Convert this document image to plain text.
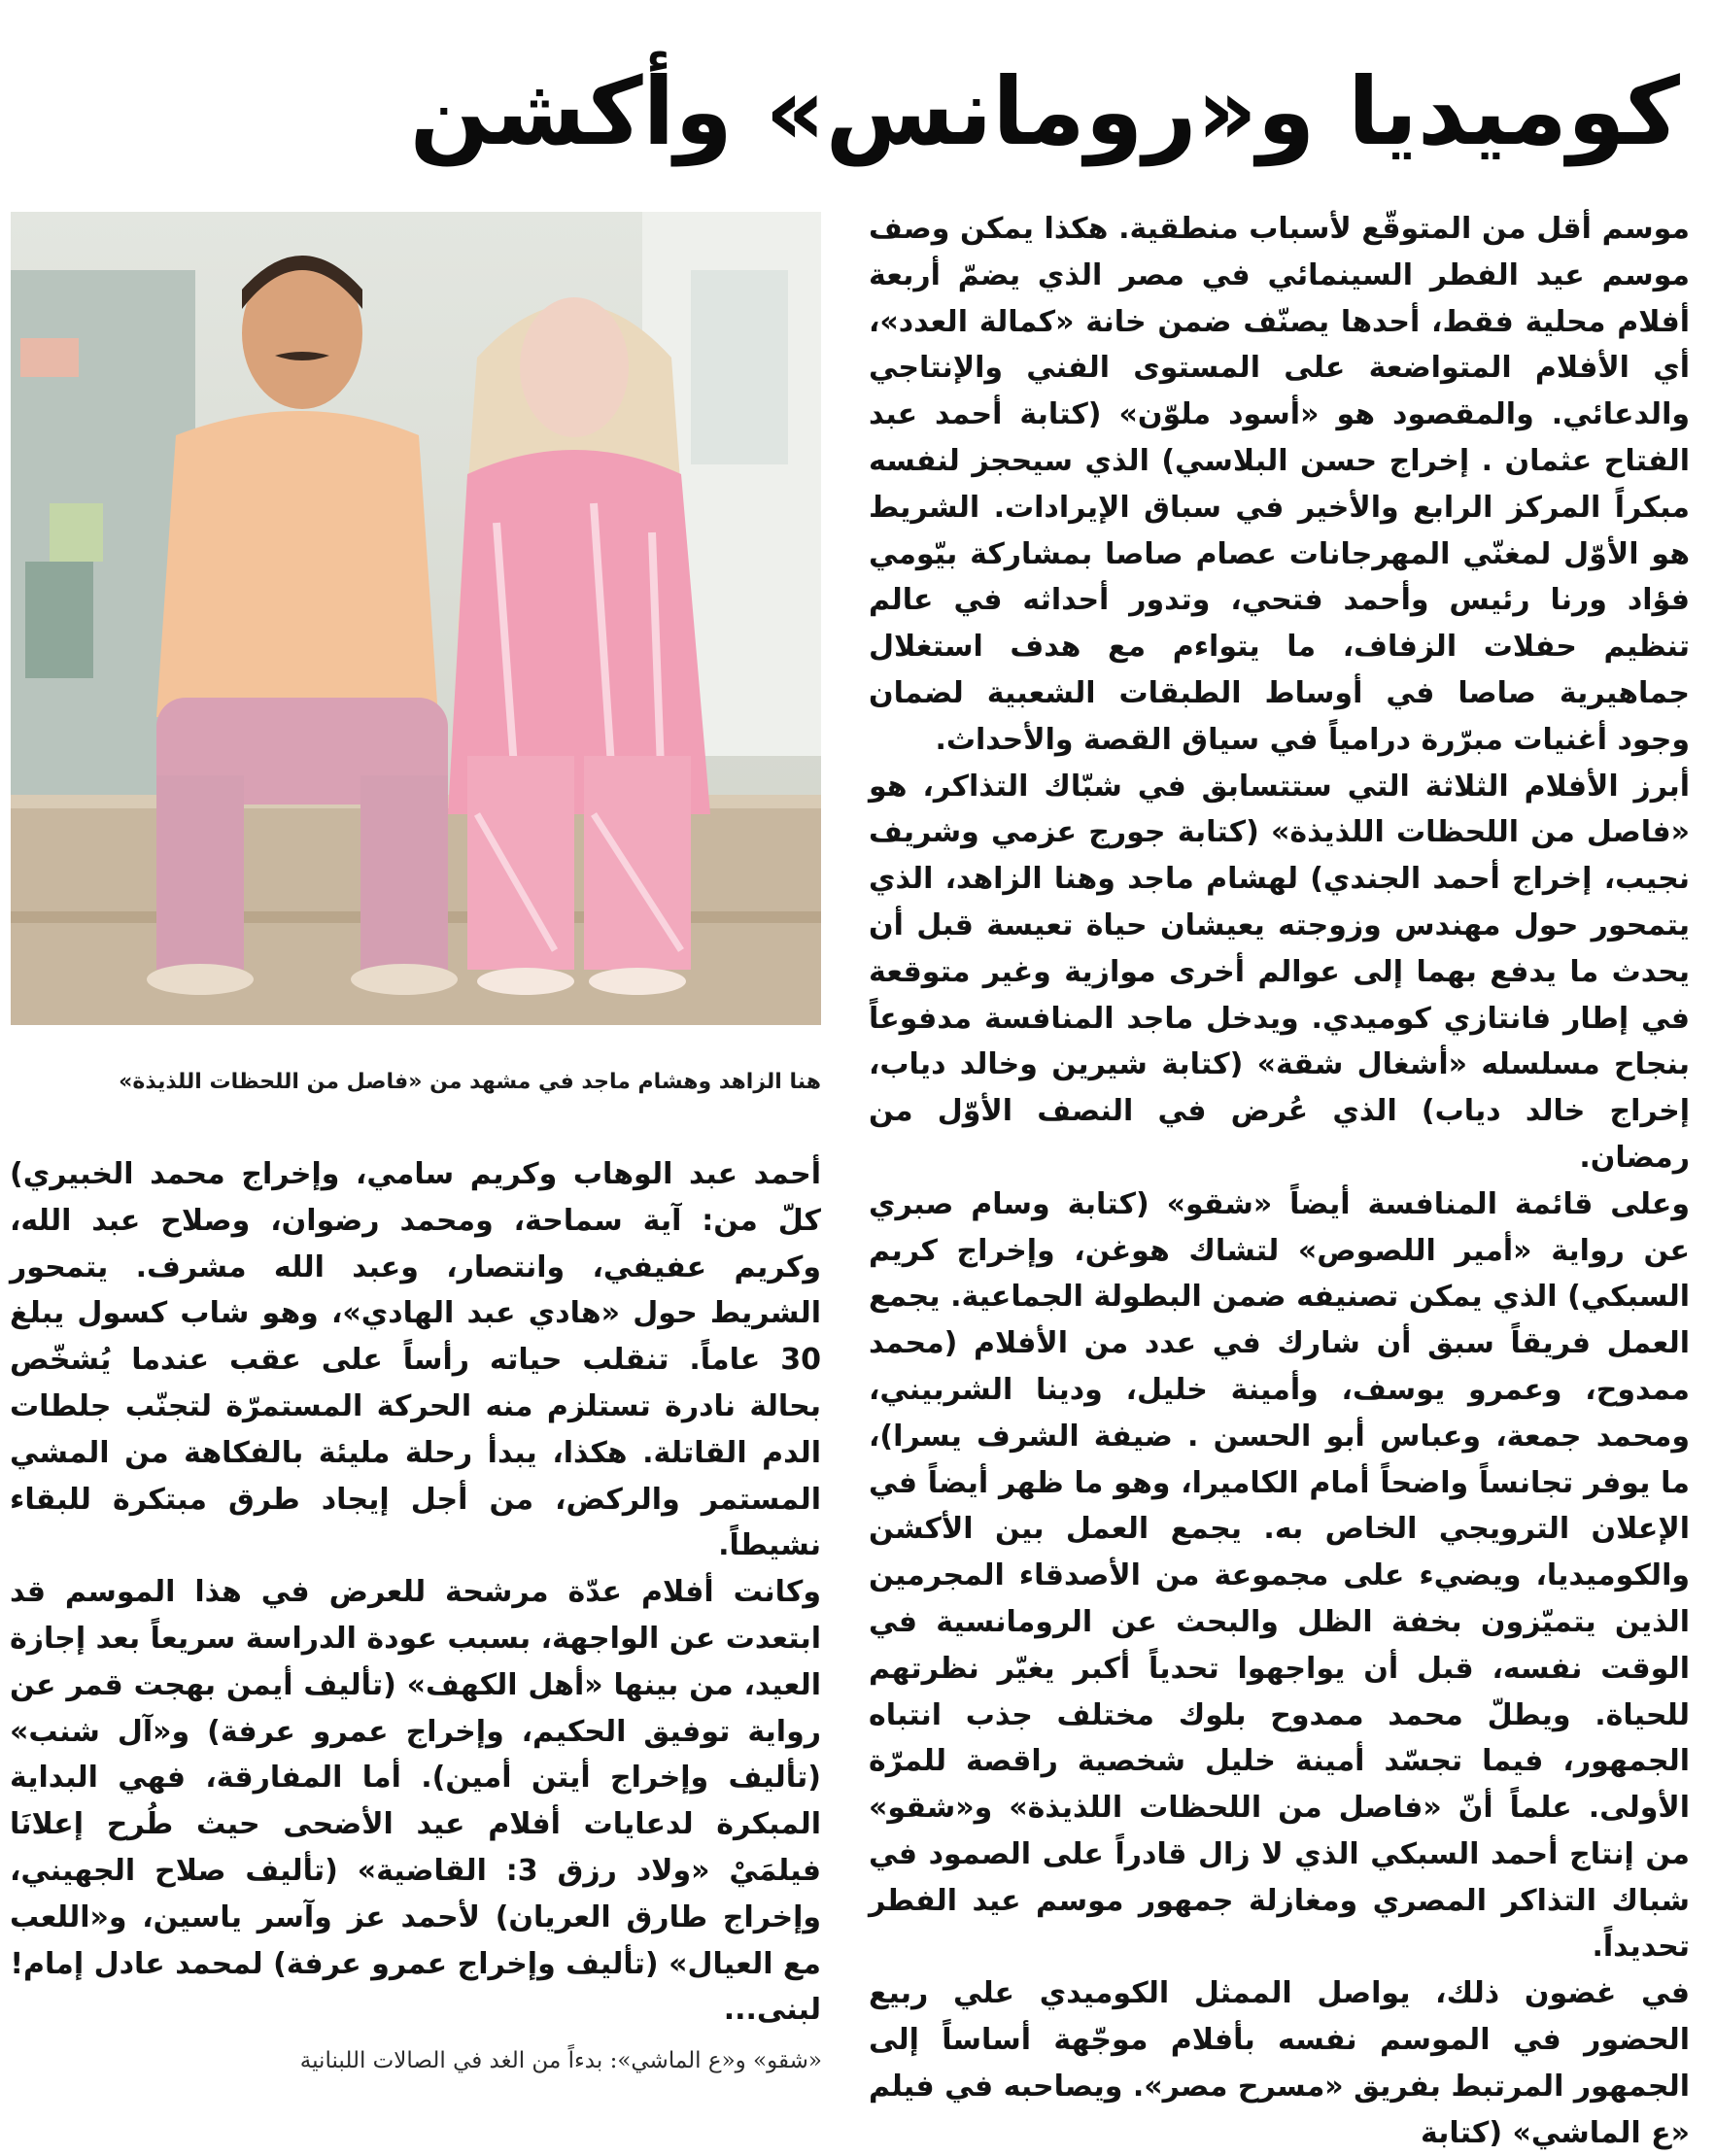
كوميديا و«رومانس» وأكشن

موسم أقل من المتوقّع لأسباب منطقية. هكذا يمكن وصف موسم عيد الفطر السينمائي في مصر الذي يضمّ أربعة أفلام محلية فقط، أحدها يصنّف ضمن خانة «كمالة العدد»، أي الأفلام المتواضعة على المستوى الفني والإنتاجي والدعائي. والمقصود هو «أسود ملوّن» (كتابة أحمد عبد الفتاح عثمان . إخراج حسن البلاسي) الذي سيحجز لنفسه مبكراً المركز الرابع والأخير في سباق الإيرادات. الشريط هو الأوّل لمغنّي المهرجانات عصام صاصا بمشاركة بيّومي فؤاد ورنا رئيس وأحمد فتحي، وتدور أحداثه في عالم تنظيم حفلات الزفاف، ما يتواءم مع هدف استغلال جماهيرية صاصا في أوساط الطبقات الشعبية لضمان وجود أغنيات مبرّرة درامياً في سياق القصة والأحداث.

أبرز الأفلام الثلاثة التي ستتسابق في شبّاك التذاكر، هو «فاصل من اللحظات اللذيذة» (كتابة جورج عزمي وشريف نجيب، إخراج أحمد الجندي) لهشام ماجد وهنا الزاهد، الذي يتمحور حول مهندس وزوجته يعيشان حياة تعيسة قبل أن يحدث ما يدفع بهما إلى عوالم أخرى موازية وغير متوقعة في إطار فانتازي كوميدي. ويدخل ماجد المنافسة مدفوعاً بنجاح مسلسله «أشغال شقة» (كتابة شيرين وخالد دياب، إخراج خالد دياب) الذي عُرض في النصف الأوّل من رمضان.

وعلى قائمة المنافسة أيضاً «شقو» (كتابة وسام صبري عن رواية «أمير اللصوص» لتشاك هوغن، وإخراج كريم السبكي) الذي يمكن تصنيفه ضمن البطولة الجماعية. يجمع العمل فريقاً سبق أن شارك في عدد من الأفلام (محمد ممدوح، وعمرو يوسف، وأمينة خليل، ودينا الشربيني، ومحمد جمعة، وعباس أبو الحسن . ضيفة الشرف يسرا)، ما يوفر تجانساً واضحاً أمام الكاميرا، وهو ما ظهر أيضاً في الإعلان الترويجي الخاص به. يجمع العمل بين الأكشن والكوميديا، ويضيء على مجموعة من الأصدقاء المجرمين الذين يتميّزون بخفة الظل والبحث عن الرومانسية في الوقت نفسه، قبل أن يواجهوا تحدياً أكبر يغيّر نظرتهم للحياة. ويطلّ محمد ممدوح بلوك مختلف جذب انتباه الجمهور، فيما تجسّد أمينة خليل شخصية راقصة للمرّة الأولى. علماً أنّ «فاصل من اللحظات اللذيذة» و«شقو» من إنتاج أحمد السبكي الذي لا زال قادراً على الصمود في شباك التذاكر المصري ومغازلة جمهور موسم عيد الفطر تحديداً.

في غضون ذلك، يواصل الممثل الكوميدي علي ربيع الحضور في الموسم نفسه بأفلام موجّهة أساساً إلى الجمهور المرتبط بفريق «مسرح مصر». ويصاحبه في فيلم «ع الماشي» (كتابة

هنا الزاهد وهشام ماجد في مشهد من «فاصل من اللحظات اللذيذة»

أحمد عبد الوهاب وكريم سامي، وإخراج محمد الخبيري) كلّ من: آية سماحة، ومحمد رضوان، وصلاح عبد الله، وكريم عفيفي، وانتصار، وعبد الله مشرف. يتمحور الشريط حول «هادي عبد الهادي»، وهو شاب كسول يبلغ 30 عاماً. تنقلب حياته رأساً على عقب عندما يُشخّص بحالة نادرة تستلزم منه الحركة المستمرّة لتجنّب جلطات الدم القاتلة. هكذا، يبدأ رحلة مليئة بالفكاهة من المشي المستمر والركض، من أجل إيجاد طرق مبتكرة للبقاء نشيطاً.

وكانت أفلام عدّة مرشحة للعرض في هذا الموسم قد ابتعدت عن الواجهة، بسبب عودة الدراسة سريعاً بعد إجازة العيد، من بينها «أهل الكهف» (تأليف أيمن بهجت قمر عن رواية توفيق الحكيم، وإخراج عمرو عرفة) و«آل شنب» (تأليف وإخراج أيتن أمين). أما المفارقة، فهي البداية المبكرة لدعايات أفلام عيد الأضحى حيث طُرح إعلانَا فيلمَيْ «ولاد رزق 3: القاضية» (تأليف صلاح الجهيني، وإخراج طارق العريان) لأحمد عز وآسر ياسين، و«اللعب مع العيال» (تأليف وإخراج عمرو عرفة) لمحمد عادل إمام!

لبنى...

«شقو» و«ع الماشي»: بدءاً من الغد في الصالات اللبنانية
